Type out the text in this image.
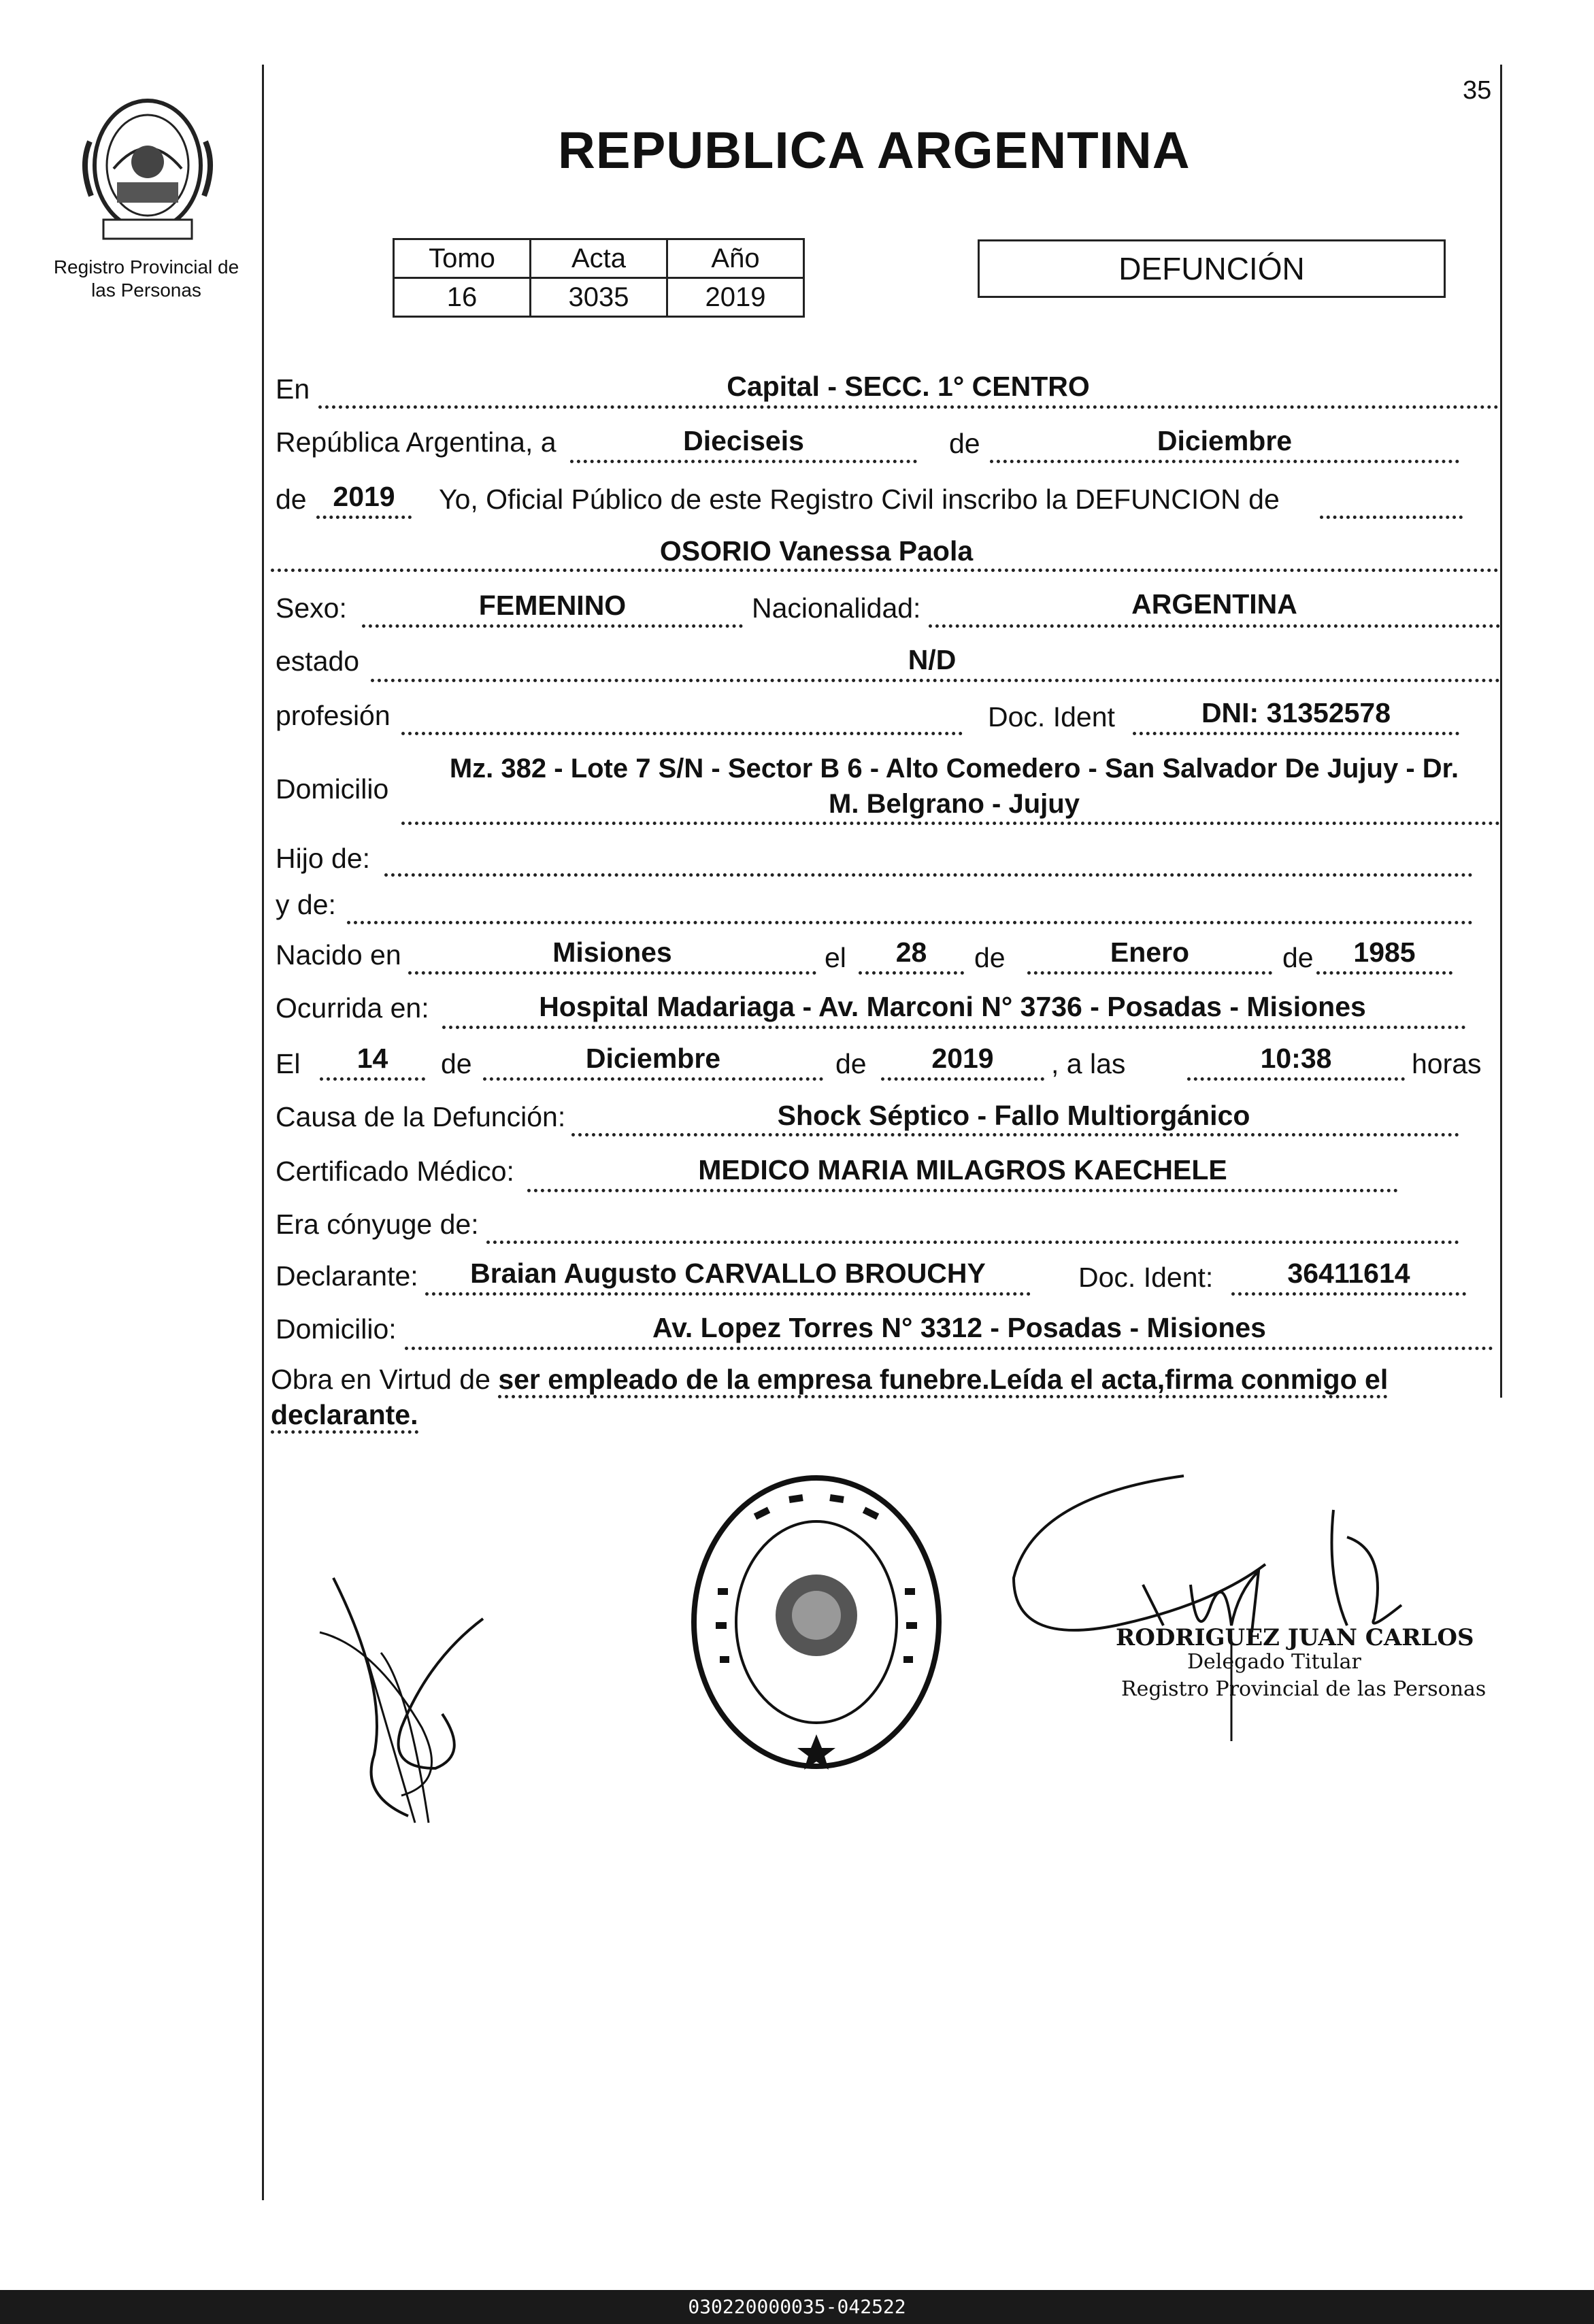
35
REPUBLICA ARGENTINA
Registro Provincial de las Personas
Tomo	Acta	Año
16	3035	2019
DEFUNCIÓN
En	Capital - SECC. 1° CENTRO
República Argentina, a	Dieciseis	de	Diciembre
de 2019	Yo, Oficial Público de este Registro Civil inscribo la DEFUNCION de
OSORIO Vanessa Paola
Sexo:	FEMENINO	Nacionalidad:	ARGENTINA
estado	N/D
profesión	Doc. Ident	DNI: 31352578
Domicilio
Mz. 382 - Lote 7 S/N - Sector B 6 - Alto Comedero - San Salvador De Jujuy - Dr.
M. Belgrano - Jujuy
Hijo de:
y de:
Nacido en	Misiones	el	28	de	Enero	de	1985
Ocurrida en:	Hospital Madariaga - Av. Marconi N° 3736 - Posadas - Misiones
El	14	de	Diciembre	de	2019	, a las	10:38	horas
Causa de la Defunción:	Shock Séptico - Fallo Multiorgánico
Certificado Médico:	MEDICO MARIA MILAGROS KAECHELE
Era cónyuge de:
Declarante:	Braian Augusto CARVALLO BROUCHY	Doc. Ident:	36411614
Domicilio:	Av. Lopez Torres N° 3312 - Posadas - Misiones
Obra en Virtud de ser empleado de la empresa funebre.Leída el acta,firma conmigo el declarante.
RODRIGUEZ JUAN CARLOS
Delegado Titular
Registro Provincial de las Personas
030220000035-042522
